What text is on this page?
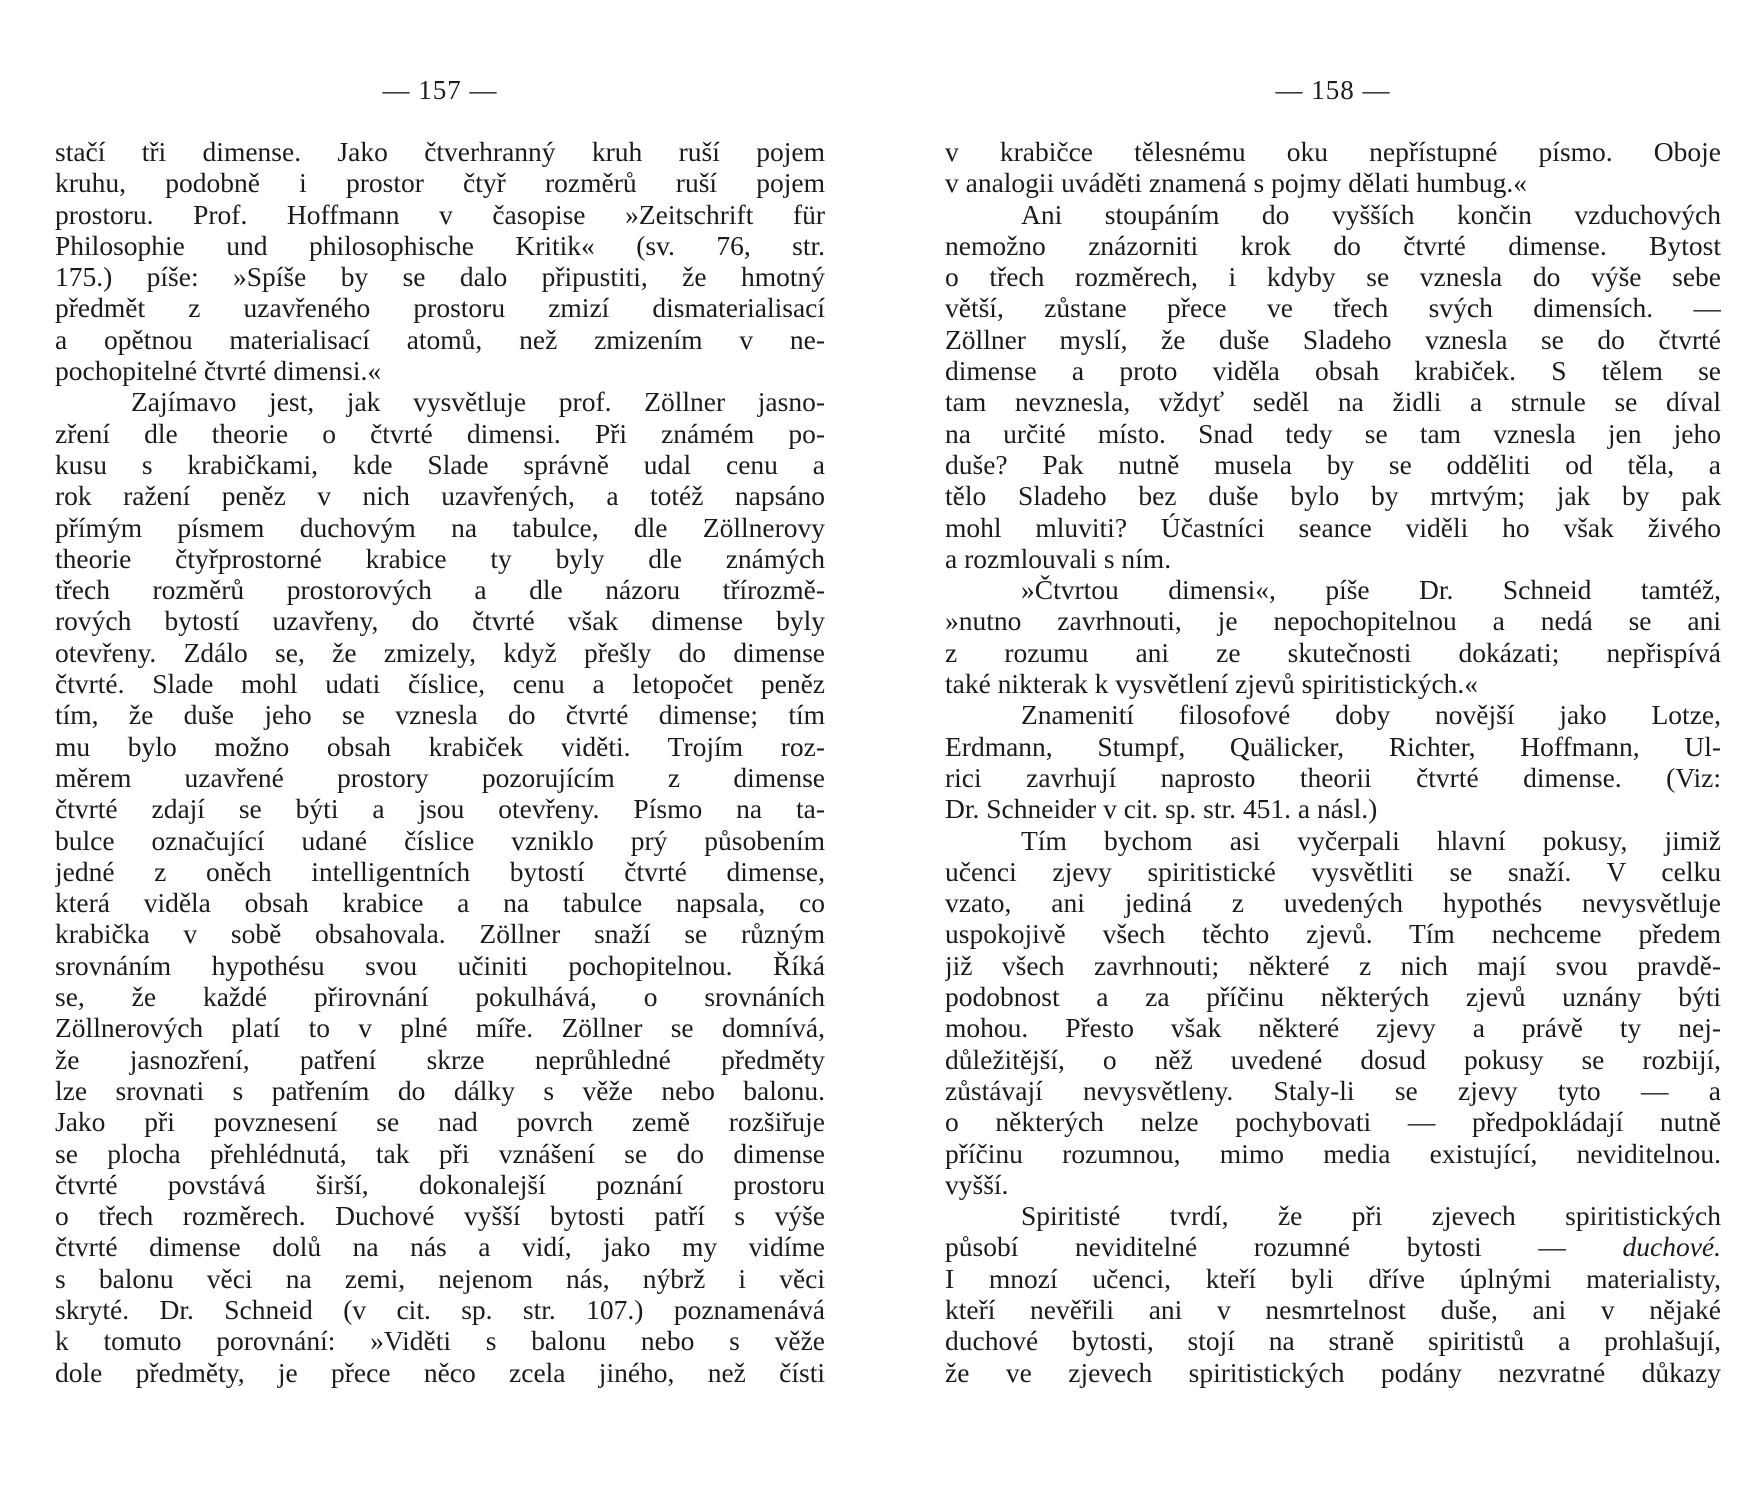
— 157 —
stačí tři dimense. Jako čtverhranný kruh ruší pojem
kruhu, podobně i prostor čtyř rozměrů ruší pojem
prostoru. Prof. Hoffmann v časopise »Zeitschrift für
Philosophie und philosophische Kritik« (sv. 76, str.
175.) píše: »Spíše by se dalo připustiti, že hmotný
předmět z uzavřeného prostoru zmizí dismaterialisací
a opětnou materialisací atomů, než zmizením v ne-
pochopitelné čtvrté dimensi.«
Zajímavo jest, jak vysvětluje prof. Zöllner jasno-
zření dle theorie o čtvrté dimensi. Při známém po-
kusu s krabičkami, kde Slade správně udal cenu a
rok ražení peněz v nich uzavřených, a totéž napsáno
přímým písmem duchovým na tabulce, dle Zöllnerovy
theorie čtyřprostorné krabice ty byly dle známých
třech rozměrů prostorových a dle názoru třírozmě-
rových bytostí uzavřeny, do čtvrté však dimense byly
otevřeny. Zdálo se, že zmizely, když přešly do dimense
čtvrté. Slade mohl udati číslice, cenu a letopočet peněz
tím, že duše jeho se vznesla do čtvrté dimense; tím
mu bylo možno obsah krabiček viděti. Trojím roz-
měrem uzavřené prostory pozorujícím z dimense
čtvrté zdají se býti a jsou otevřeny. Písmo na ta-
bulce označující udané číslice vzniklo prý působením
jedné z oněch intelligentních bytostí čtvrté dimense,
která viděla obsah krabice a na tabulce napsala, co
krabička v sobě obsahovala. Zöllner snaží se různým
srovnáním hypothésu svou učiniti pochopitelnou. Říká
se, že každé přirovnání pokulhává, o srovnáních
Zöllnerových platí to v plné míře. Zöllner se domnívá,
že jasnozření, patření skrze neprůhledné předměty
lze srovnati s patřením do dálky s věže nebo balonu.
Jako při povznesení se nad povrch země rozšiřuje
se plocha přehlédnutá, tak při vznášení se do dimense
čtvrté povstává širší, dokonalejší poznání prostoru
o třech rozměrech. Duchové vyšší bytosti patří s výše
čtvrté dimense dolů na nás a vidí, jako my vidíme
s balonu věci na zemi, nejenom nás, nýbrž i věci
skryté. Dr. Schneid (v cit. sp. str. 107.) poznamenává
k tomuto porovnání: »Viděti s balonu nebo s věže
dole předměty, je přece něco zcela jiného, než čísti
— 158 —
v krabičce tělesnému oku nepřístupné písmo. Oboje
v analogii uváděti znamená s pojmy dělati humbug.«
Ani stoupáním do vyšších končin vzduchových
nemožno znázorniti krok do čtvrté dimense. Bytost
o třech rozměrech, i kdyby se vznesla do výše sebe
větší, zůstane přece ve třech svých dimensích. —
Zöllner myslí, že duše Sladeho vznesla se do čtvrté
dimense a proto viděla obsah krabiček. S tělem se
tam nevznesla, vždyť seděl na židli a strnule se díval
na určité místo. Snad tedy se tam vznesla jen jeho
duše? Pak nutně musela by se odděliti od těla, a
tělo Sladeho bez duše bylo by mrtvým; jak by pak
mohl mluviti? Účastníci seance viděli ho však živého
a rozmlouvali s ním.
»Čtvrtou dimensi«, píše Dr. Schneid tamtéž,
»nutno zavrhnouti, je nepochopitelnou a nedá se ani
z rozumu ani ze skutečnosti dokázati; nepřispívá
také nikterak k vysvětlení zjevů spiritistických.«
Znamenití filosofové doby novější jako Lotze,
Erdmann, Stumpf, Quälicker, Richter, Hoffmann, Ul-
rici zavrhují naprosto theorii čtvrté dimense. (Viz:
Dr. Schneider v cit. sp. str. 451. a násl.)
Tím bychom asi vyčerpali hlavní pokusy, jimiž
učenci zjevy spiritistické vysvětliti se snaží. V celku
vzato, ani jediná z uvedených hypothés nevysvětluje
uspokojivě všech těchto zjevů. Tím nechceme předem
již všech zavrhnouti; některé z nich mají svou pravdě-
podobnost a za příčinu některých zjevů uznány býti
mohou. Přesto však některé zjevy a právě ty nej-
důležitější, o něž uvedené dosud pokusy se rozbijí,
zůstávají nevysvětleny. Staly-li se zjevy tyto — a
o některých nelze pochybovati — předpokládají nutně
příčinu rozumnou, mimo media existující, neviditelnou.
vyšší.
Spiritisté tvrdí, že při zjevech spiritistických
působí neviditelné rozumné bytosti — duchové.
I mnozí učenci, kteří byli dříve úplnými materialisty,
kteří nevěřili ani v nesmrtelnost duše, ani v nějaké
duchové bytosti, stojí na straně spiritistů a prohlašují,
že ve zjevech spiritistických podány nezvratné důkazy
